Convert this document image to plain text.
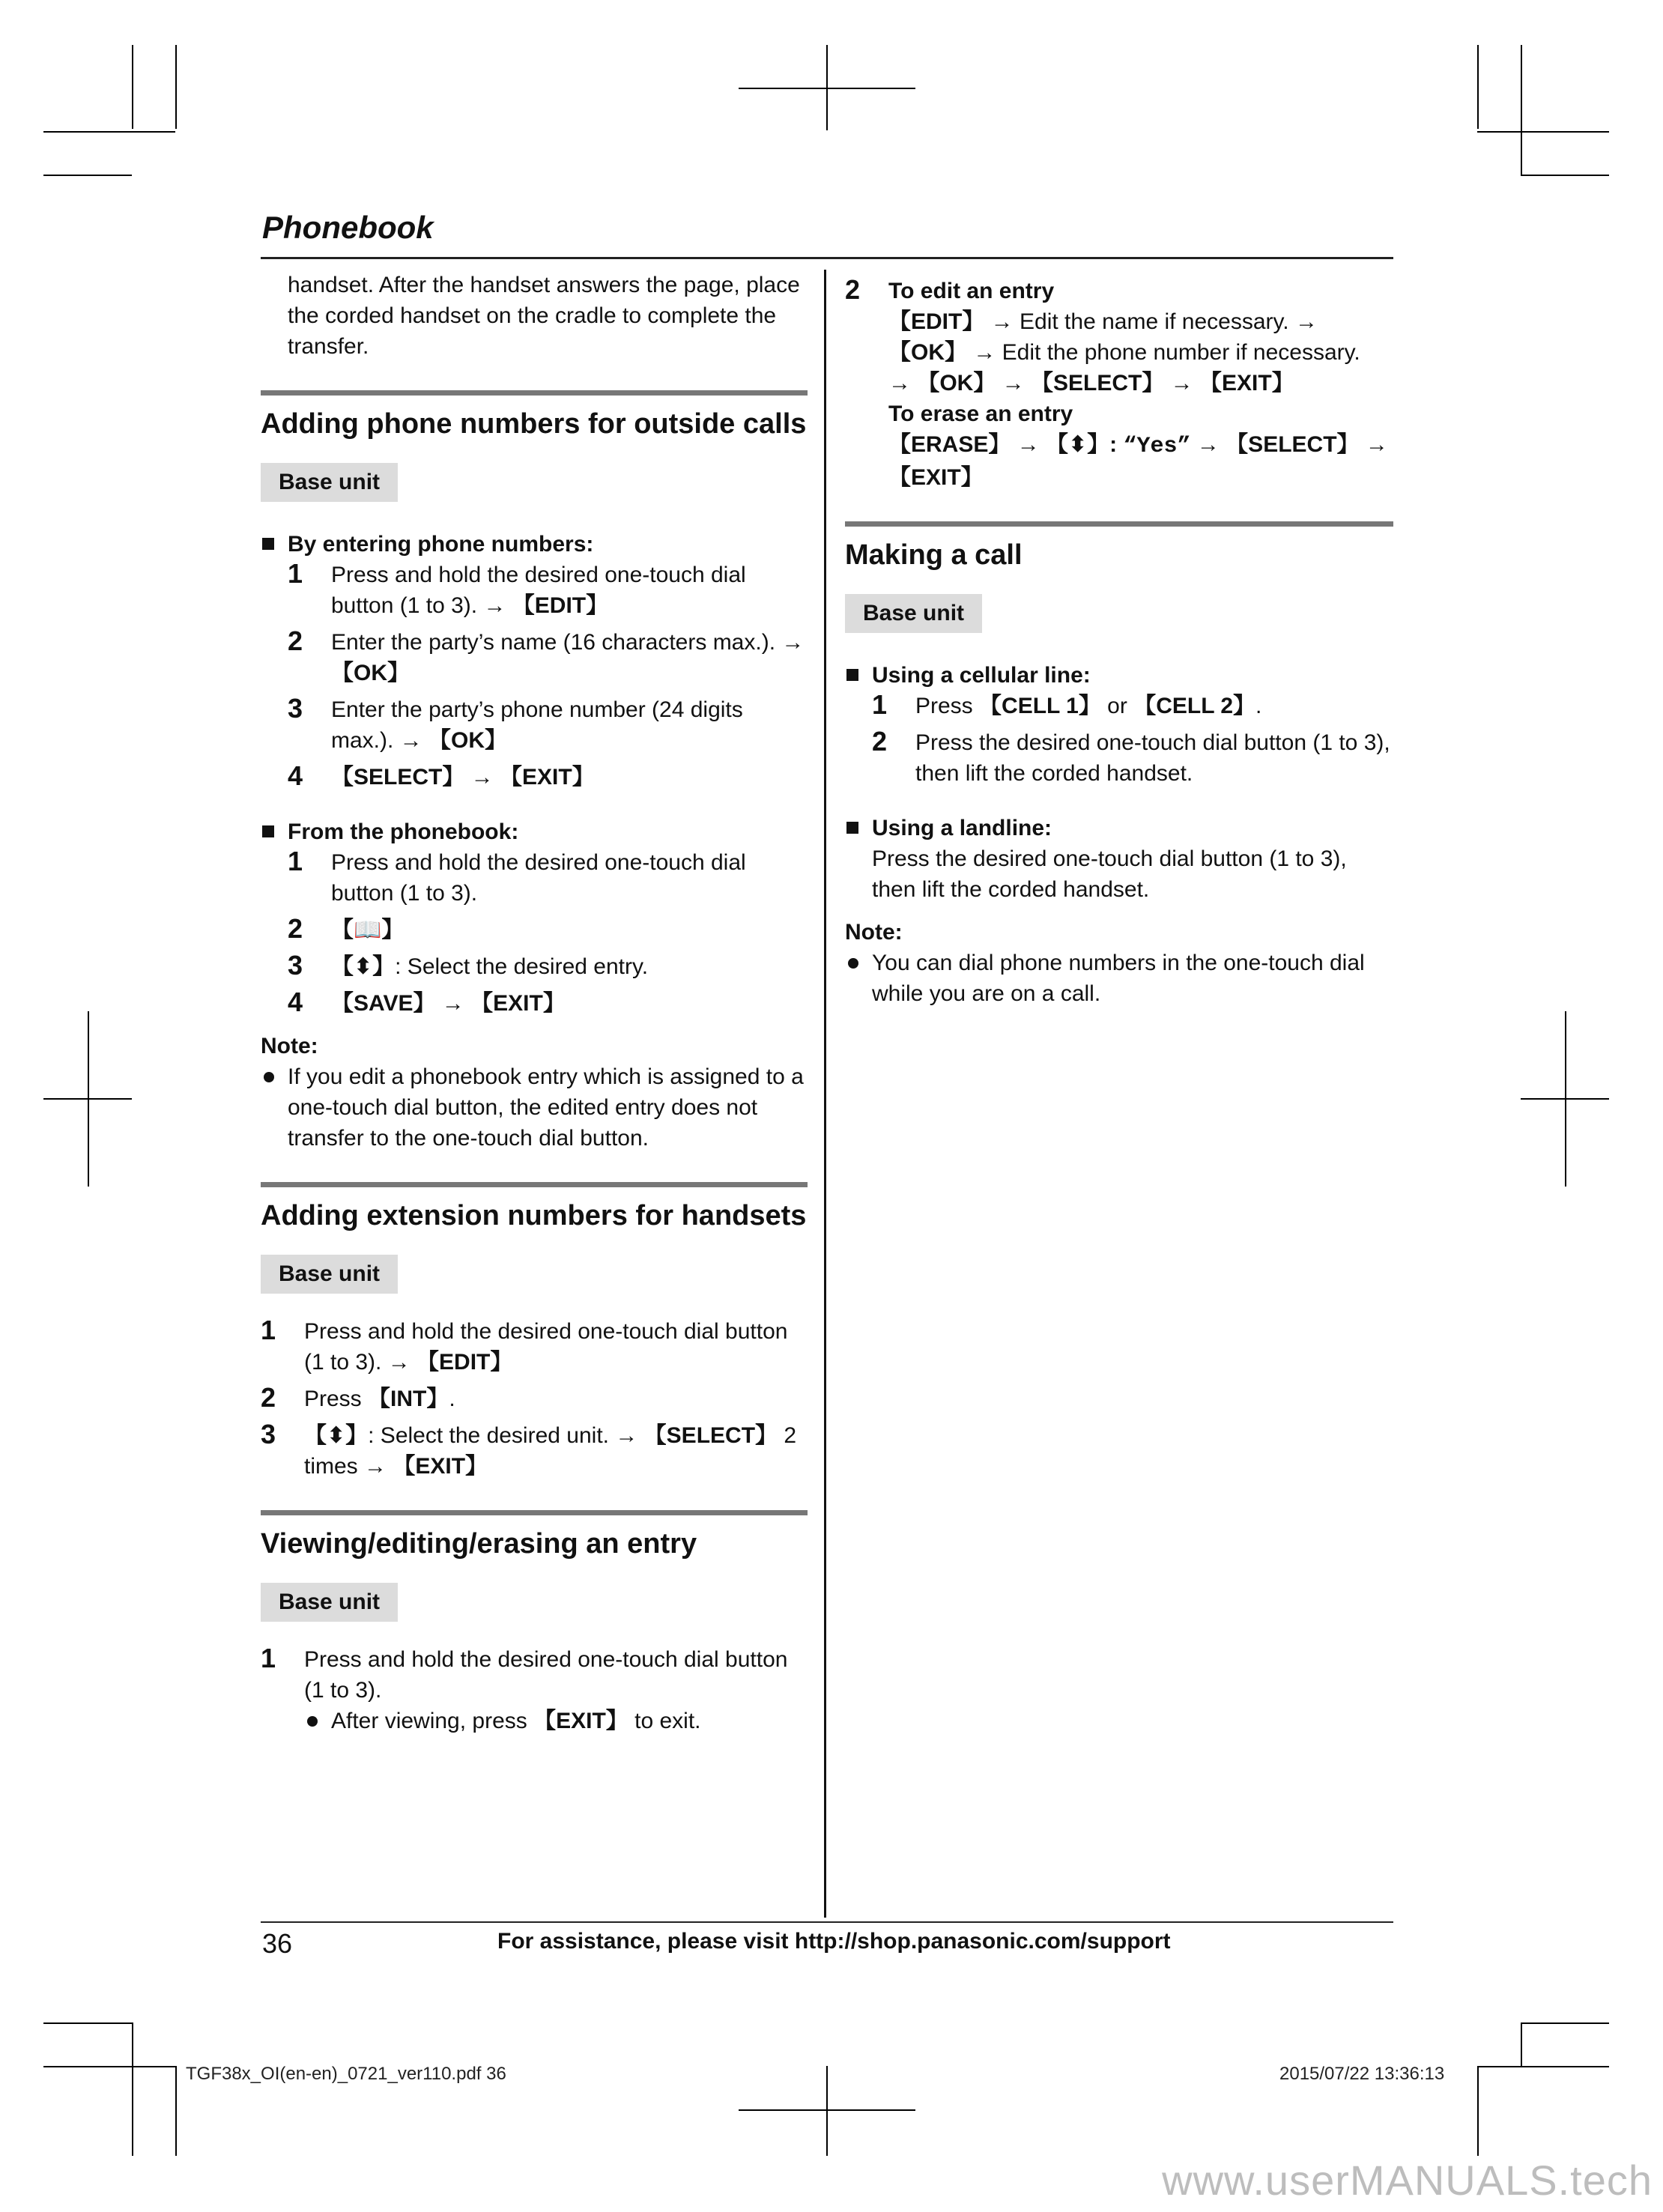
Phonebook
handset. After the handset answers the page, place the corded handset on the cradle to complete the transfer.
Adding phone numbers for outside calls
Base unit
By entering phone numbers:
1 Press and hold the desired one-touch dial button (1 to 3). → 【EDIT】
2 Enter the party’s name (16 characters max.). → 【OK】
3 Enter the party’s phone number (24 digits max.). → 【OK】
4 【SELECT】 → 【EXIT】
From the phonebook:
1 Press and hold the desired one-touch dial button (1 to 3).
2 【📖】
3 【⬍】: Select the desired entry.
4 【SAVE】 → 【EXIT】
Note:
If you edit a phonebook entry which is assigned to a one-touch dial button, the edited entry does not transfer to the one-touch dial button.
Adding extension numbers for handsets
Base unit
1 Press and hold the desired one-touch dial button (1 to 3). → 【EDIT】
2 Press 【INT】.
3 【⬍】: Select the desired unit. → 【SELECT】 2 times → 【EXIT】
Viewing/editing/erasing an entry
Base unit
1 Press and hold the desired one-touch dial button (1 to 3).
After viewing, press 【EXIT】 to exit.
2 To edit an entry
【EDIT】 → Edit the name if necessary. →
【OK】 → Edit the phone number if necessary.
→ 【OK】 → 【SELECT】 → 【EXIT】
To erase an entry
【ERASE】 → 【⬍】: “Yes” → 【SELECT】 →
【EXIT】
Making a call
Base unit
Using a cellular line:
1 Press 【CELL 1】 or 【CELL 2】.
2 Press the desired one-touch dial button (1 to 3), then lift the corded handset.
Using a landline:
Press the desired one-touch dial button (1 to 3), then lift the corded handset.
Note:
You can dial phone numbers in the one-touch dial while you are on a call.
36	For assistance, please visit http://shop.panasonic.com/support
TGF38x_OI(en-en)_0721_ver110.pdf 36	2015/07/22 13:36:13
www.userMANUALS.tech
